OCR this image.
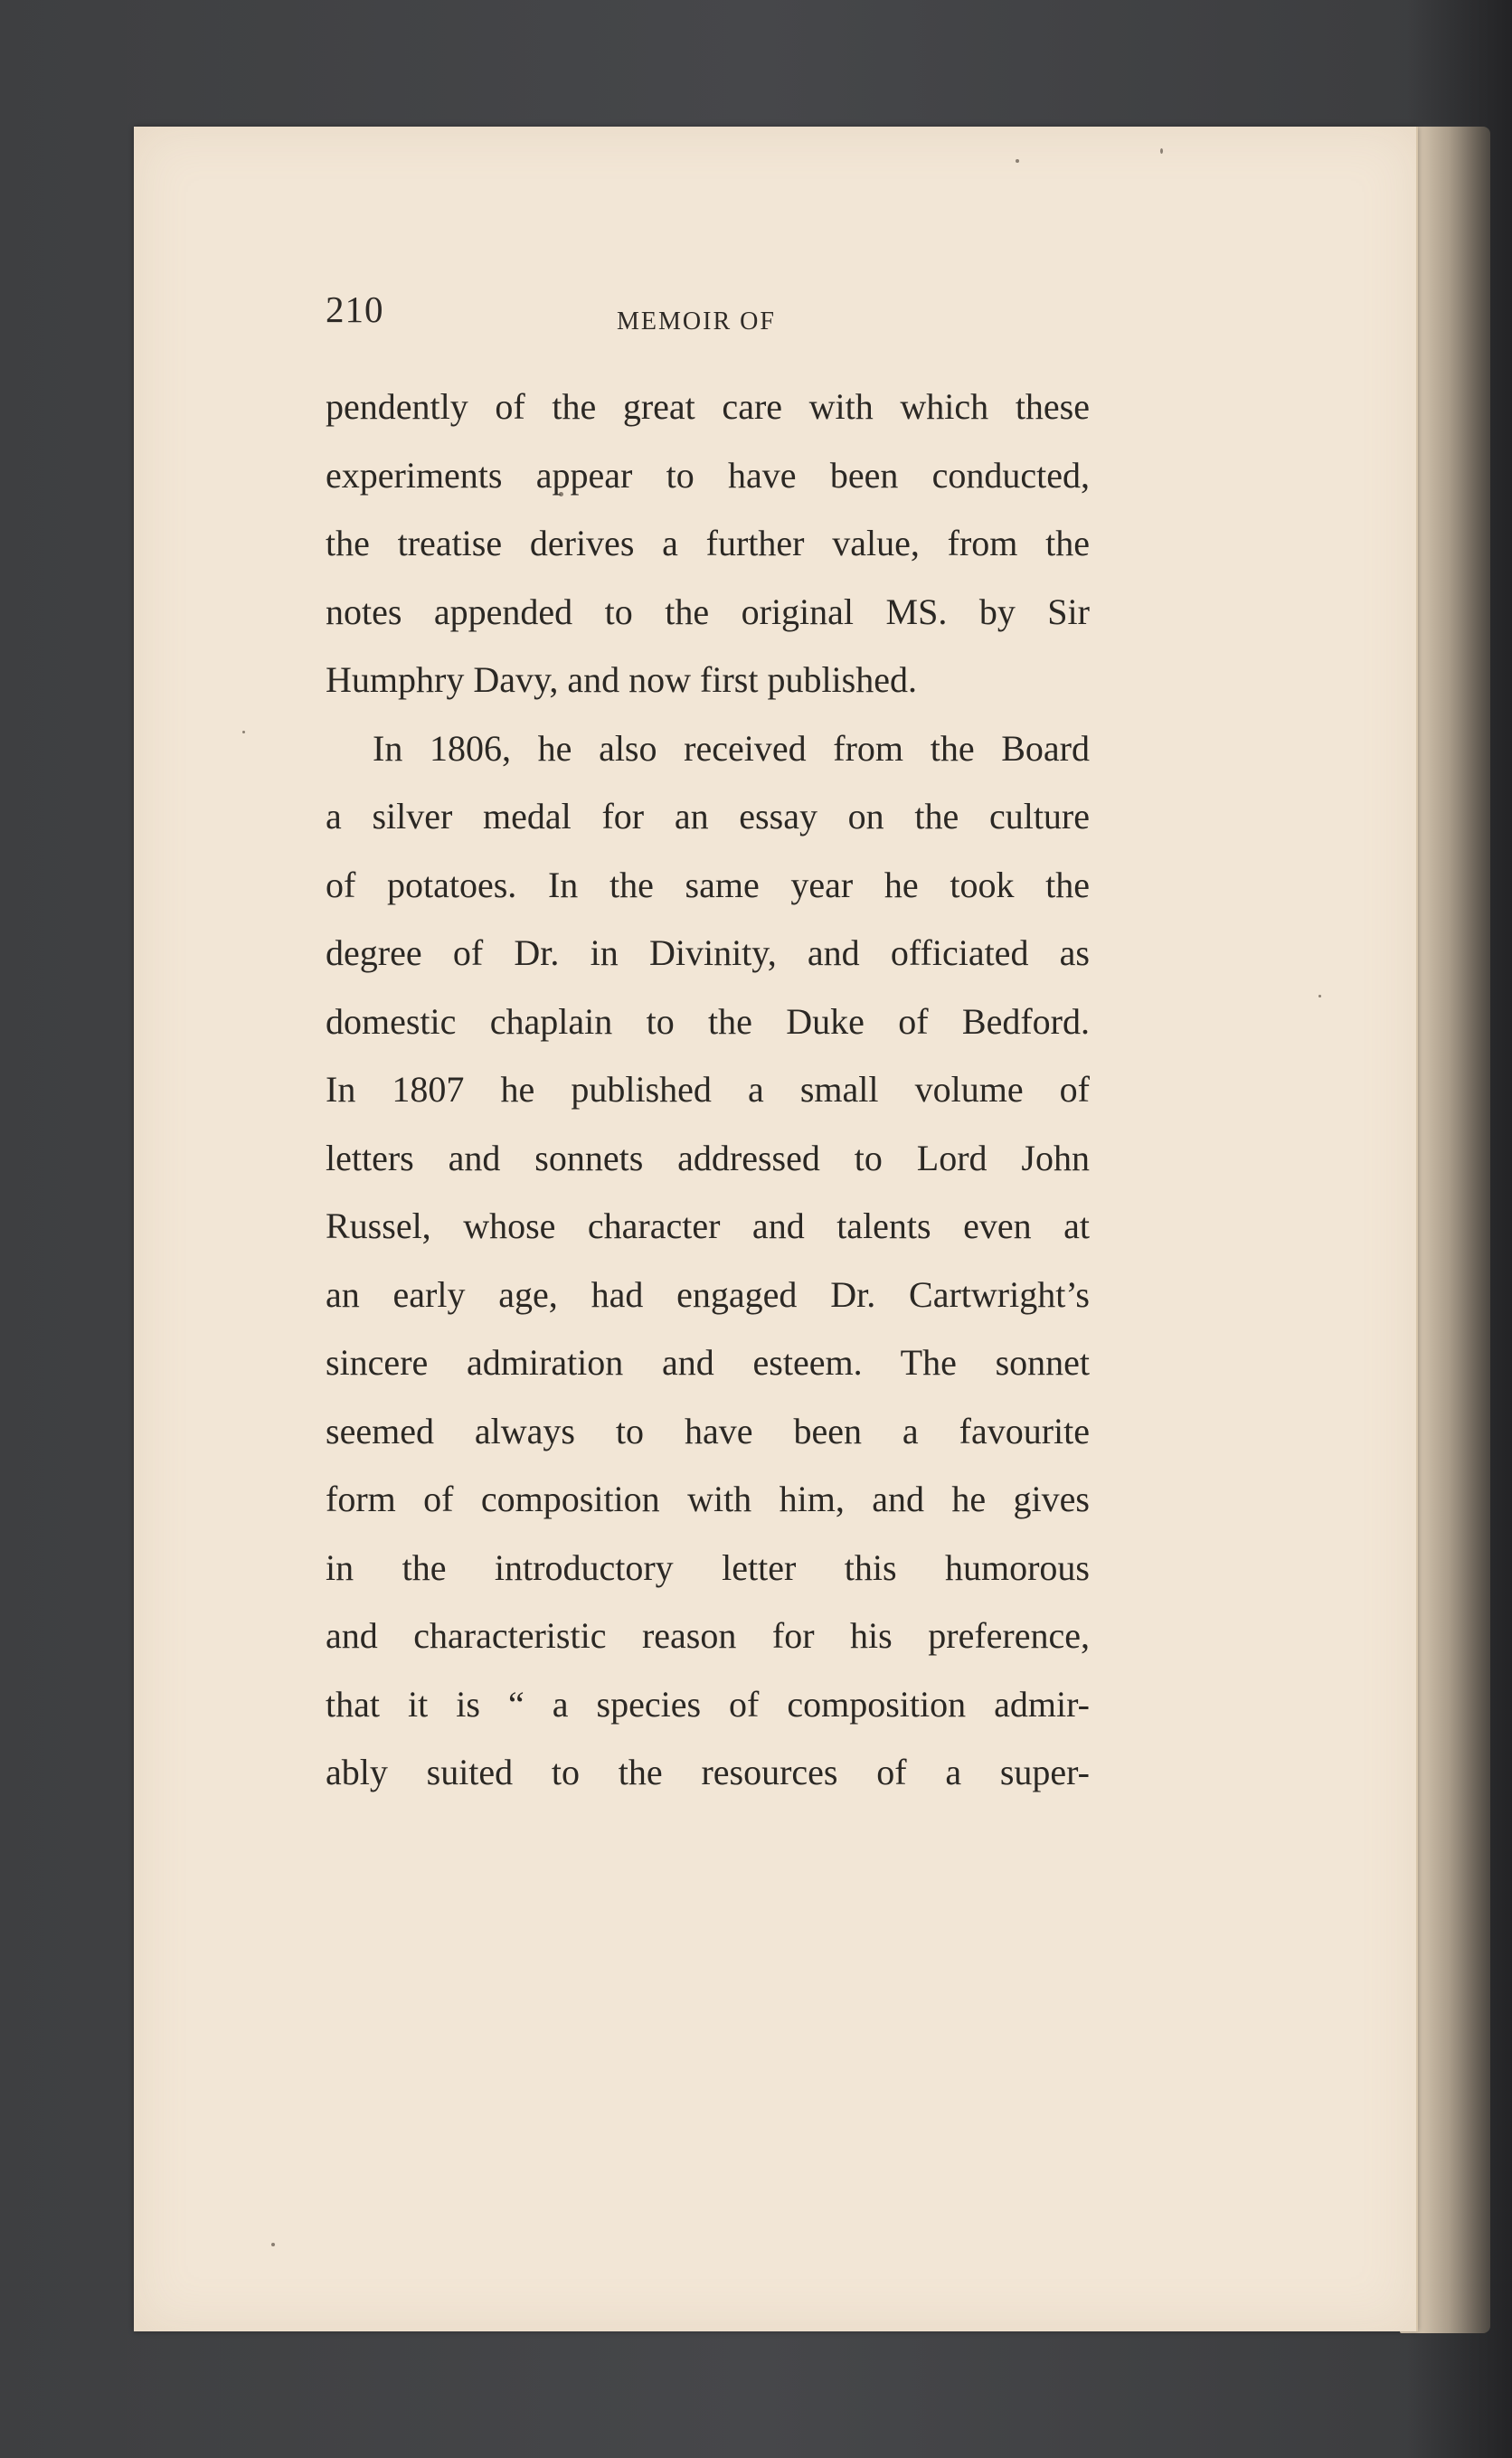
210	MEMOIR OF
pendently of the great care with which these
experiments appear to have been conducted,
the treatise derives a further value, from the
notes appended to the original MS. by Sir
Humphry Davy, and now first published.
In 1806, he also received from the Board
a silver medal for an essay on the culture
of potatoes. In the same year he took the
degree of Dr. in Divinity, and officiated as
domestic chaplain to the Duke of Bedford.
In 1807 he published a small volume of
letters and sonnets addressed to Lord John
Russel, whose character and talents even at
an early age, had engaged Dr. Cartwright’s
sincere admiration and esteem. The sonnet
seemed always to have been a favourite
form of composition with him, and he gives
in the introductory letter this humorous
and characteristic reason for his preference,
that it is “ a species of composition admir-
ably suited to the resources of a super-
